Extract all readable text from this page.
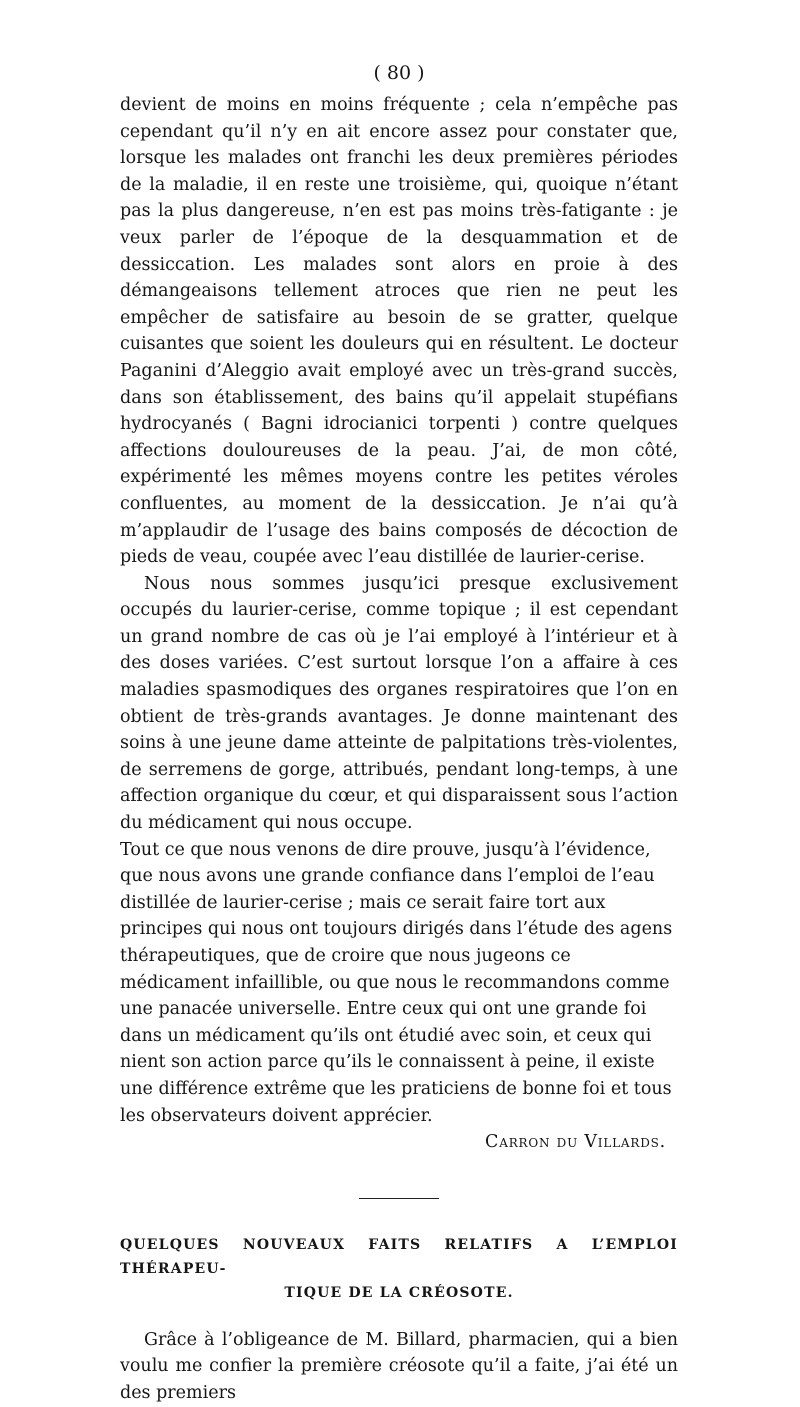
( 80 )

devient de moins en moins fréquente ; cela n’empêche pas cependant qu’il n’y en ait encore assez pour constater que, lorsque les malades ont franchi les deux premières périodes de la maladie, il en reste une troisième, qui, quoique n’étant pas la plus dangereuse, n’en est pas moins très-fatigante : je veux parler de l’époque de la desquammation et de dessiccation. Les malades sont alors en proie à des démangeaisons tellement atroces que rien ne peut les empêcher de satisfaire au besoin de se gratter, quelque cuisantes que soient les douleurs qui en résultent. Le docteur Paganini d’Aleggio avait employé avec un très-grand succès, dans son établissement, des bains qu’il appelait stupéfians hydrocyanés ( Bagni idrocianici torpenti ) contre quelques affections douloureuses de la peau. J’ai, de mon côté, expérimenté les mêmes moyens contre les petites véroles confluentes, au moment de la dessiccation. Je n’ai qu’à m’applaudir de l’usage des bains composés de décoction de pieds de veau, coupée avec l’eau distillée de laurier-cerise.

Nous nous sommes jusqu’ici presque exclusivement occupés du laurier-cerise, comme topique ; il est cependant un grand nombre de cas où je l’ai employé à l’intérieur et à des doses variées. C’est surtout lorsque l’on a affaire à ces maladies spasmodiques des organes respiratoires que l’on en obtient de très-grands avantages. Je donne maintenant des soins à une jeune dame atteinte de palpitations très-violentes, de serremens de gorge, attribués, pendant long-temps, à une affection organique du cœur, et qui disparaissent sous l’action du médicament qui nous occupe.

Tout ce que nous venons de dire prouve, jusqu’à l’évidence, que nous avons une grande confiance dans l’emploi de l’eau distillée de laurier-cerise ; mais ce serait faire tort aux principes qui nous ont toujours dirigés dans l’étude des agens thérapeutiques, que de croire que nous jugeons ce médicament infaillible, ou que nous le recommandons comme une panacée universelle. Entre ceux qui ont une grande foi dans un médicament qu’ils ont étudié avec soin, et ceux qui nient son action parce qu’ils le connaissent à peine, il existe une différence extrême que les praticiens de bonne foi et tous les observateurs doivent apprécier.

Carron du Villards.
QUELQUES NOUVEAUX FAITS RELATIFS A L’EMPLOI THÉRAPEU-
TIQUE DE LA CRÉOSOTE.

Grâce à l’obligeance de M. Billard, pharmacien, qui a bien voulu me confier la première créosote qu’il a faite, j’ai été un des premiers
